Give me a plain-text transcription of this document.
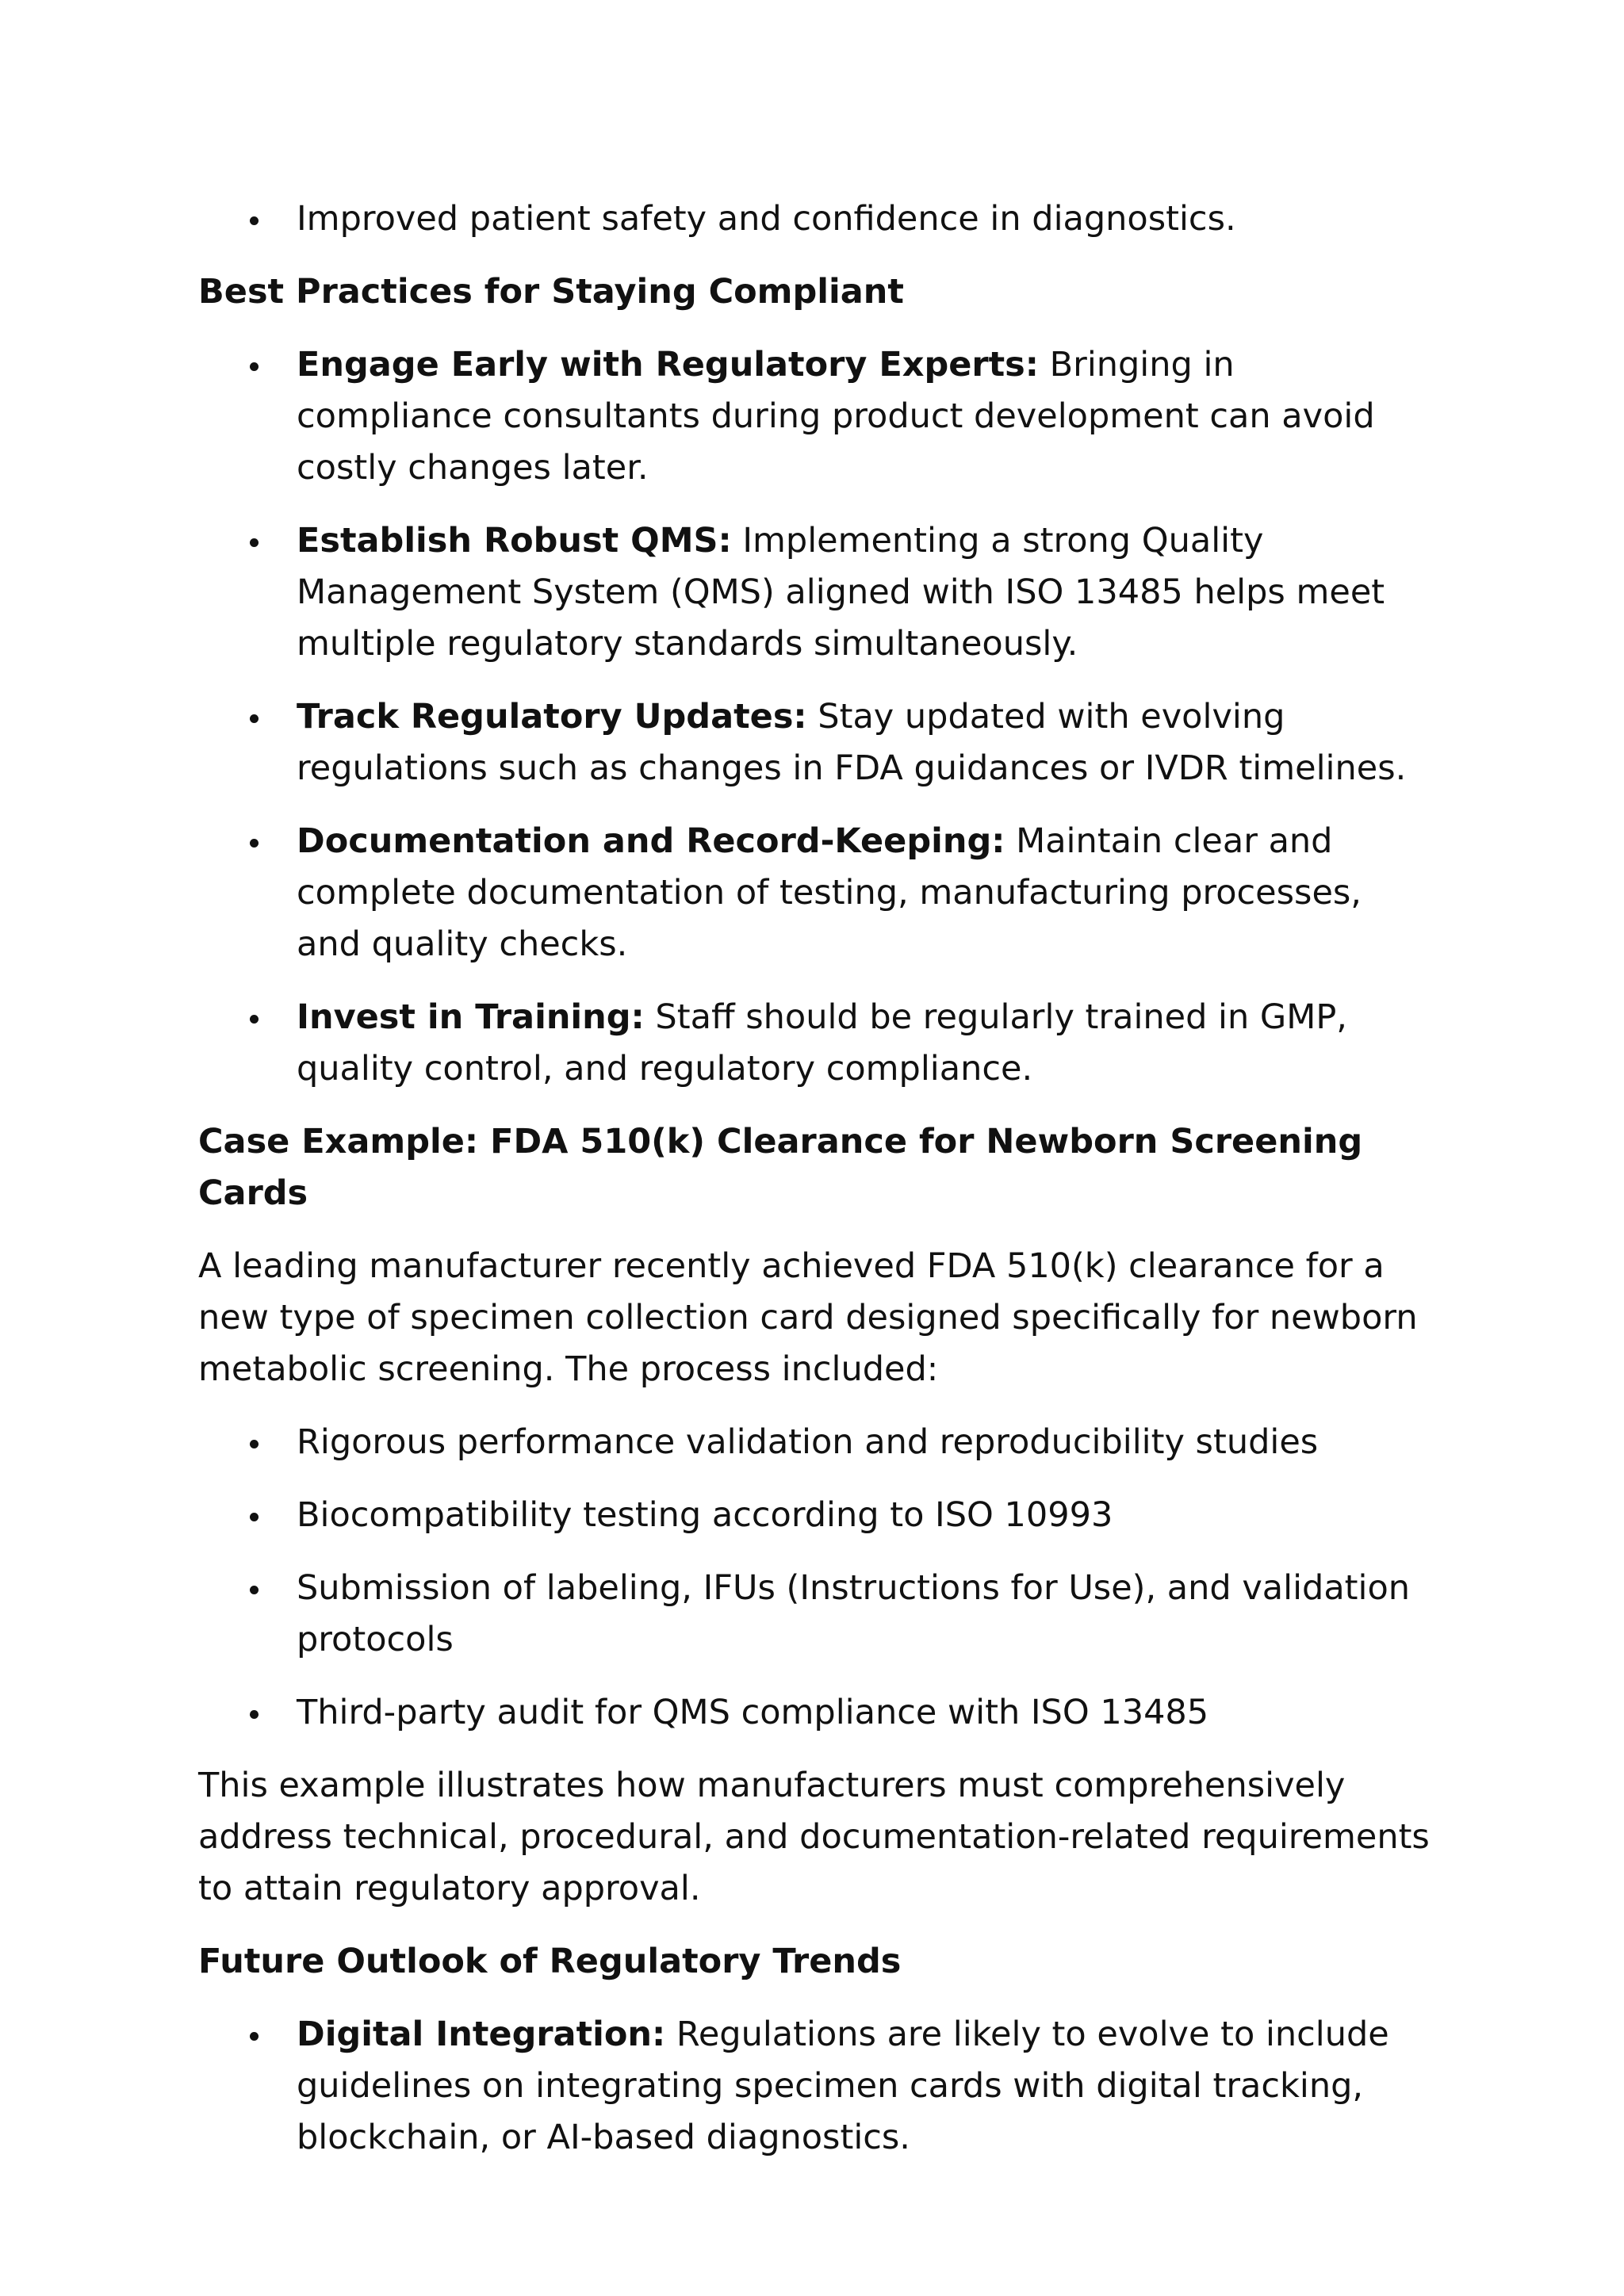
Improved patient safety and confidence in diagnostics.
Best Practices for Staying Compliant
Engage Early with Regulatory Experts: Bringing in compliance consultants during product development can avoid costly changes later.
Establish Robust QMS: Implementing a strong Quality Management System (QMS) aligned with ISO 13485 helps meet multiple regulatory standards simultaneously.
Track Regulatory Updates: Stay updated with evolving regulations such as changes in FDA guidances or IVDR timelines.
Documentation and Record-Keeping: Maintain clear and complete documentation of testing, manufacturing processes, and quality checks.
Invest in Training: Staff should be regularly trained in GMP, quality control, and regulatory compliance.
Case Example: FDA 510(k) Clearance for Newborn Screening Cards

A leading manufacturer recently achieved FDA 510(k) clearance for a new type of specimen collection card designed specifically for newborn metabolic screening. The process included:

Rigorous performance validation and reproducibility studies
Biocompatibility testing according to ISO 10993
Submission of labeling, IFUs (Instructions for Use), and validation protocols
Third-party audit for QMS compliance with ISO 13485

This example illustrates how manufacturers must comprehensively address technical, procedural, and documentation-related requirements to attain regulatory approval.

Future Outlook of Regulatory Trends
Digital Integration: Regulations are likely to evolve to include guidelines on integrating specimen cards with digital tracking, blockchain, or AI-based diagnostics.
